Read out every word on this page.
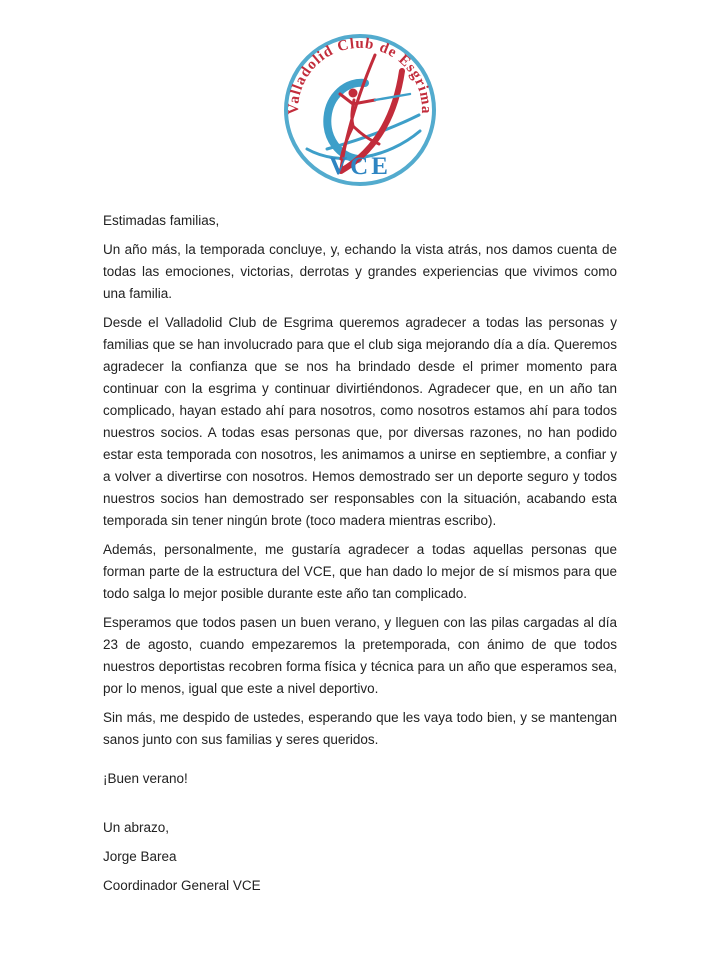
Valladolid Club de Esgrima
VCE

Estimadas familias,

Un año más, la temporada concluye, y, echando la vista atrás, nos damos cuenta de todas las emociones, victorias, derrotas y grandes experiencias que vivimos como una familia.

Desde el Valladolid Club de Esgrima queremos agradecer a todas las personas y familias que se han involucrado para que el club siga mejorando día a día. Queremos agradecer la confianza que se nos ha brindado desde el primer momento para continuar con la esgrima y continuar divirtiéndonos. Agradecer que, en un año tan complicado, hayan estado ahí para nosotros, como nosotros estamos ahí para todos nuestros socios. A todas esas personas que, por diversas razones, no han podido estar esta temporada con nosotros, les animamos a unirse en septiembre, a confiar y a volver a divertirse con nosotros. Hemos demostrado ser un deporte seguro y todos nuestros socios han demostrado ser responsables con la situación, acabando esta temporada sin tener ningún brote (toco madera mientras escribo).

Además, personalmente, me gustaría agradecer a todas aquellas personas que forman parte de la estructura del VCE, que han dado lo mejor de sí mismos para que todo salga lo mejor posible durante este año tan complicado.

Esperamos que todos pasen un buen verano, y lleguen con las pilas cargadas al día 23 de agosto, cuando empezaremos la pretemporada, con ánimo de que todos nuestros deportistas recobren forma física y técnica para un año que esperamos sea, por lo menos, igual que este a nivel deportivo.

Sin más, me despido de ustedes, esperando que les vaya todo bien, y se mantengan sanos junto con sus familias y seres queridos.

¡Buen verano!

Un abrazo,

Jorge Barea

Coordinador General VCE
